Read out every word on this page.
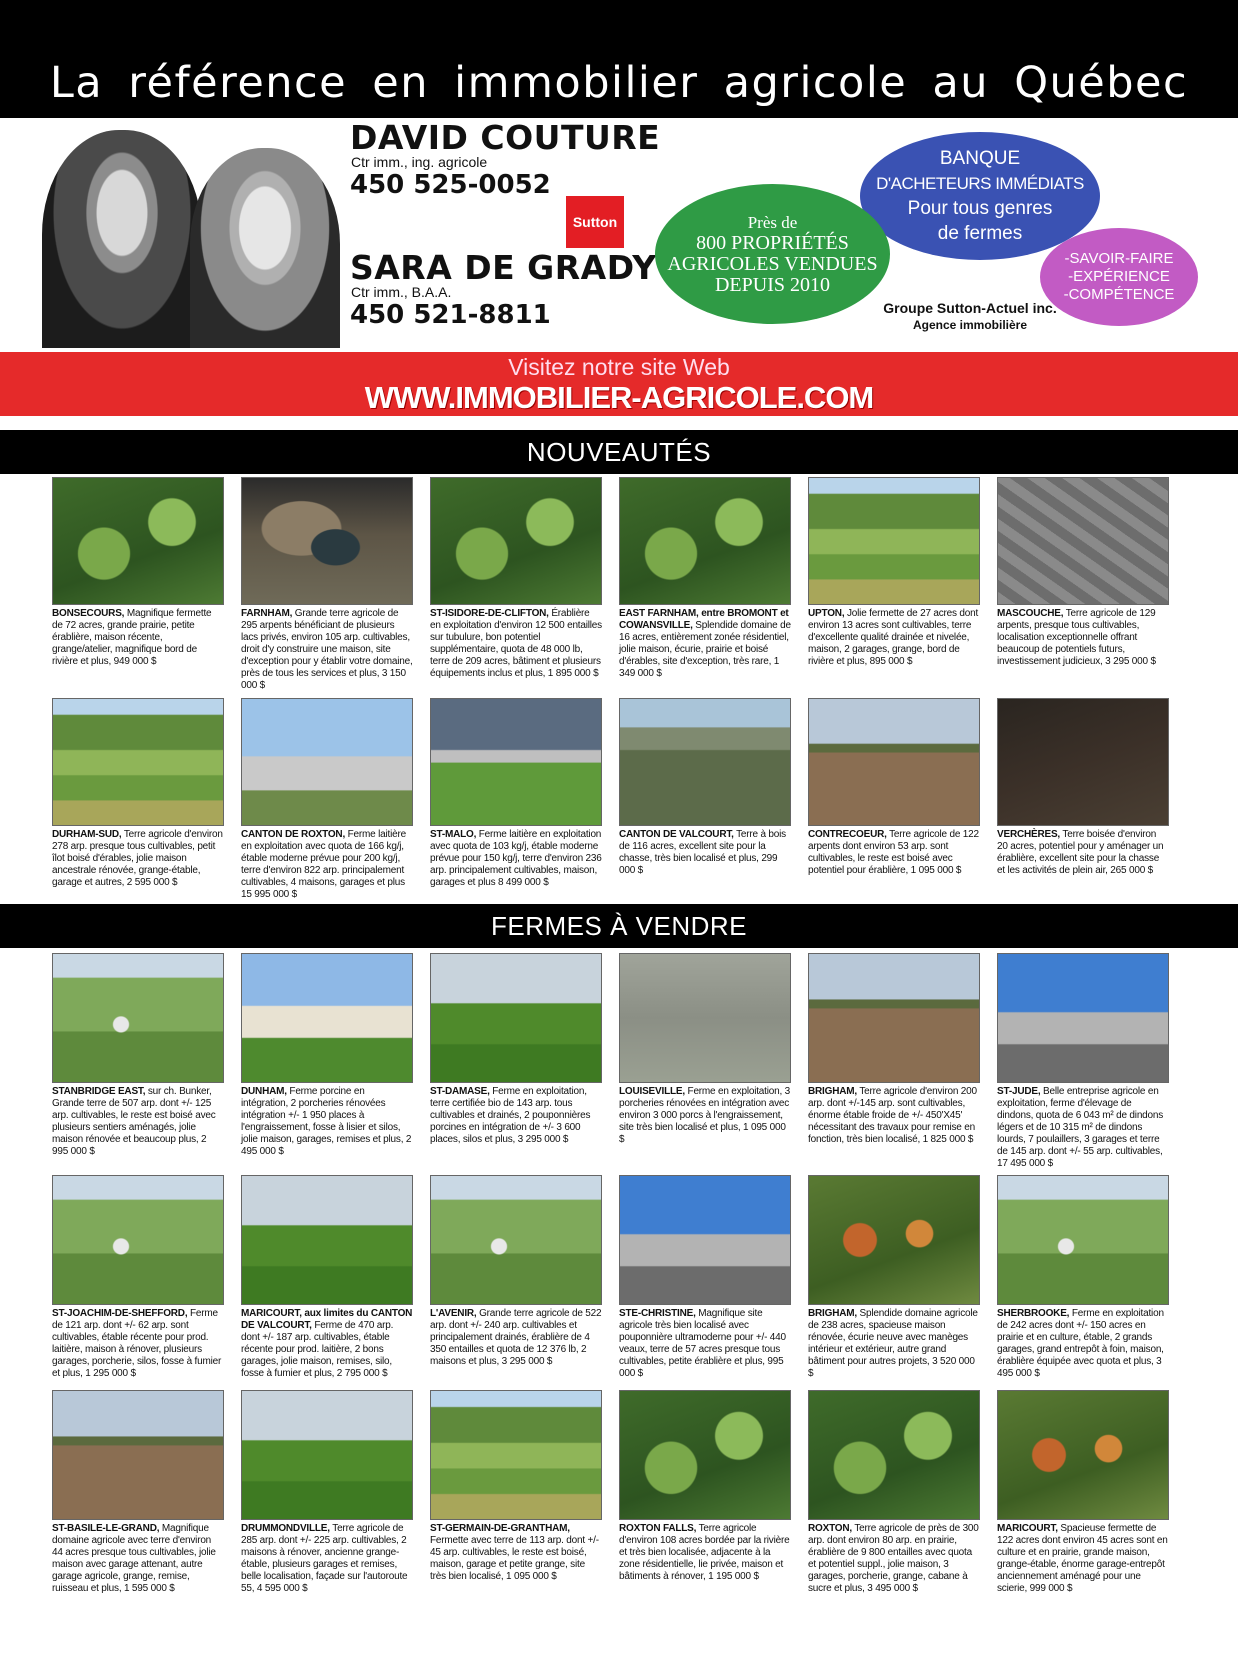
La référence en immobilier agricole au Québec
DAVID COUTURE
Ctr imm., ing. agricole
450 525-0052
SARA DE GRADY
Ctr imm., B.A.A.
450 521-8811
Sutton
BANQUE
D'ACHETEURS IMMÉDIATS
Pour tous genres
de fermes
Près de
800 PROPRIÉTÉS
AGRICOLES VENDUES
DEPUIS 2010
-SAVOIR-FAIRE
-EXPÉRIENCE
-COMPÉTENCE
Groupe Sutton-Actuel inc.
Agence immobilière
Visitez notre site Web
WWW.IMMOBILIER-AGRICOLE.COM
NOUVEAUTÉS
FERMES À VENDRE
BONSECOURS, Magnifique fermette de 72 acres, grande prairie, petite érablière, maison récente, grange/atelier, magnifique bord de rivière et plus, 949 000 $
FARNHAM, Grande terre agricole de 295 arpents bénéficiant de plusieurs lacs privés, environ 105 arp. cultivables, droit d'y construire une maison, site d'exception pour y établir votre domaine, près de tous les services et plus, 3 150 000 $
ST-ISIDORE-DE-CLIFTON, Érablière en exploitation d'environ 12 500 entailles sur tubulure, bon potentiel supplémentaire, quota de 48 000 lb, terre de 209 acres, bâtiment et plusieurs équipements inclus et plus, 1 895 000 $
EAST FARNHAM, entre BROMONT et COWANSVILLE, Splendide domaine de 16 acres, entièrement zonée résidentiel, jolie maison, écurie, prairie et boisé d'érables, site d'exception, très rare, 1 349 000 $
UPTON, Jolie fermette de 27 acres dont environ 13 acres sont cultivables, terre d'excellente qualité drainée et nivelée, maison, 2 garages, grange, bord de rivière et plus, 895 000 $
MASCOUCHE, Terre agricole de 129 arpents, presque tous cultivables, localisation exceptionnelle offrant beaucoup de potentiels futurs, investissement judicieux, 3 295 000 $
DURHAM-SUD, Terre agricole d'environ 278 arp. presque tous cultivables, petit îlot boisé d'érables, jolie maison ancestrale rénovée, grange-étable, garage et autres, 2 595 000 $
CANTON DE ROXTON, Ferme laitière en exploitation avec quota de 166 kg/j, étable moderne prévue pour 200 kg/j, terre d'environ 822 arp. principalement cultivables, 4 maisons, garages et plus 15 995 000 $
ST-MALO, Ferme laitière en exploitation avec quota de 103 kg/j, étable moderne prévue pour 150 kg/j, terre d'environ 236 arp. principalement cultivables, maison, garages et plus 8 499 000 $
CANTON DE VALCOURT, Terre à bois de 116 acres, excellent site pour la chasse, très bien localisé et plus, 299 000 $
CONTRECOEUR, Terre agricole de 122 arpents dont environ 53 arp. sont cultivables, le reste est boisé avec potentiel pour érablière, 1 095 000 $
VERCHÈRES, Terre boisée d'environ 20 acres, potentiel pour y aménager un érablière, excellent site pour la chasse et les activités de plein air, 265 000 $
STANBRIDGE EAST, sur ch. Bunker, Grande terre de 507 arp. dont +/- 125 arp. cultivables, le reste est boisé avec plusieurs sentiers aménagés, jolie maison rénovée et beaucoup plus, 2 995 000 $
DUNHAM, Ferme porcine en intégration, 2 porcheries rénovées intégration +/- 1 950 places à l'engraissement, fosse à lisier et silos, jolie maison, garages, remises et plus, 2 495 000 $
ST-DAMASE, Ferme en exploitation, terre certifiée bio de 143 arp. tous cultivables et drainés, 2 pouponnières porcines en intégration de +/- 3 600 places, silos et plus, 3 295 000 $
LOUISEVILLE, Ferme en exploitation, 3 porcheries rénovées en intégration avec environ 3 000 porcs à l'engraissement, site très bien localisé et plus, 1 095 000 $
BRIGHAM, Terre agricole d'environ 200 arp. dont +/-145 arp. sont cultivables, énorme étable froide de +/- 450'X45' nécessitant des travaux pour remise en fonction, très bien localisé, 1 825 000 $
ST-JUDE, Belle entreprise agricole en exploitation, ferme d'élevage de dindons, quota de 6 043 m² de dindons légers et de 10 315 m² de dindons lourds, 7 poulaillers, 3 garages et terre de 145 arp. dont +/- 55 arp. cultivables, 17 495 000 $
ST-JOACHIM-DE-SHEFFORD, Ferme de 121 arp. dont +/- 62 arp. sont cultivables, étable récente pour prod. laitière, maison à rénover, plusieurs garages, porcherie, silos, fosse à fumier et plus, 1 295 000 $
MARICOURT, aux limites du CANTON DE VALCOURT, Ferme de 470 arp. dont +/- 187 arp. cultivables, étable récente pour prod. laitière, 2 bons garages, jolie maison, remises, silo, fosse à fumier et plus, 2 795 000 $
L'AVENIR, Grande terre agricole de 522 arp. dont +/- 240 arp. cultivables et principalement drainés, érablière de 4 350 entailles et quota de 12 376 lb, 2 maisons et plus, 3 295 000 $
STE-CHRISTINE, Magnifique site agricole très bien localisé avec pouponnière ultramoderne pour +/- 440 veaux, terre de 57 acres presque tous cultivables, petite érablière et plus, 995 000 $
BRIGHAM, Splendide domaine agricole de 238 acres, spacieuse maison rénovée, écurie neuve avec manèges intérieur et extérieur, autre grand bâtiment pour autres projets, 3 520 000 $
SHERBROOKE, Ferme en exploitation de 242 acres dont +/- 150 acres en prairie et en culture, étable, 2 grands garages, grand entrepôt à foin, maison, érablière équipée avec quota et plus, 3 495 000 $
ST-BASILE-LE-GRAND, Magnifique domaine agricole avec terre d'environ 44 acres presque tous cultivables, jolie maison avec garage attenant, autre garage agricole, grange, remise, ruisseau et plus, 1 595 000 $
DRUMMONDVILLE, Terre agricole de 285 arp. dont +/- 225 arp. cultivables, 2 maisons à rénover, ancienne grange-étable, plusieurs garages et remises, belle localisation, façade sur l'autoroute 55, 4 595 000 $
ST-GERMAIN-DE-GRANTHAM, Fermette avec terre de 113 arp. dont +/- 45 arp. cultivables, le reste est boisé, maison, garage et petite grange, site très bien localisé, 1 095 000 $
ROXTON FALLS, Terre agricole d'environ 108 acres bordée par la rivière et très bien localisée, adjacente à la zone résidentielle, lie privée, maison et bâtiments à rénover, 1 195 000 $
ROXTON, Terre agricole de près de 300 arp. dont environ 80 arp. en prairie, érablière de 9 800 entailles avec quota et potentiel suppl., jolie maison, 3 garages, porcherie, grange, cabane à sucre et plus, 3 495 000 $
MARICOURT, Spacieuse fermette de 122 acres dont environ 45 acres sont en culture et en prairie, grande maison, grange-étable, énorme garage-entrepôt anciennement aménagé pour une scierie, 999 000 $
